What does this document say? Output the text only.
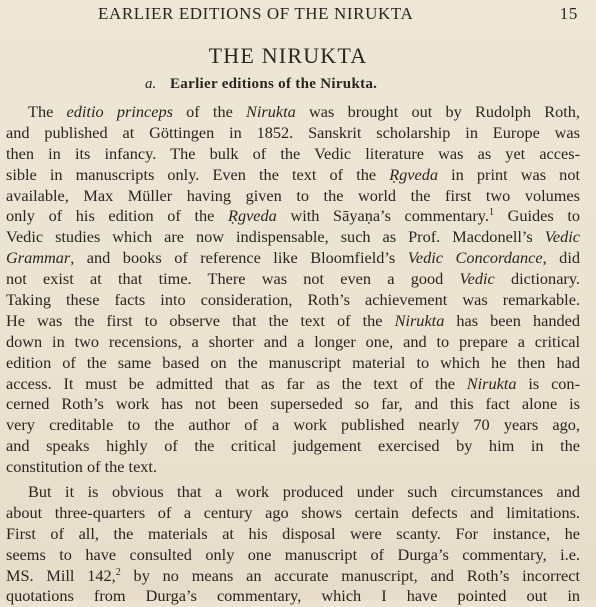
EARLIER EDITIONS OF THE NIRUKTA	15
THE NIRUKTA
a. Earlier editions of the Nirukta.
The editio princeps of the Nirukta was brought out by Rudolph Roth,
and published at Göttingen in 1852. Sanskrit scholarship in Europe was
then in its infancy. The bulk of the Vedic literature was as yet acces-
sible in manuscripts only. Even the text of the Ṛgveda in print was not
available, Max Müller having given to the world the first two volumes
only of his edition of the Ṛgveda with Sāyaṇa’s commentary.$^1$ Guides to
Vedic studies which are now indispensable, such as Prof. Macdonell’s Vedic
Grammar, and books of reference like Bloomfield’s Vedic Concordance, did
not exist at that time. There was not even a good Vedic dictionary.
Taking these facts into consideration, Roth’s achievement was remarkable.
He was the first to observe that the text of the Nirukta has been handed
down in two recensions, a shorter and a longer one, and to prepare a critical
edition of the same based on the manuscript material to which he then had
access. It must be admitted that as far as the text of the Nirukta is con-
cerned Roth’s work has not been superseded so far, and this fact alone is
very creditable to the author of a work published nearly 70 years ago,
and speaks highly of the critical judgement exercised by him in the
constitution of the text.
But it is obvious that a work produced under such circumstances and
about three-quarters of a century ago shows certain defects and limitations.
First of all, the materials at his disposal were scanty. For instance, he
seems to have consulted only one manuscript of Durga’s commentary, i.e.
MS. Mill 142,$^2$ by no means an accurate manuscript, and Roth’s incorrect
quotations from Durga’s commentary, which I have pointed out in
